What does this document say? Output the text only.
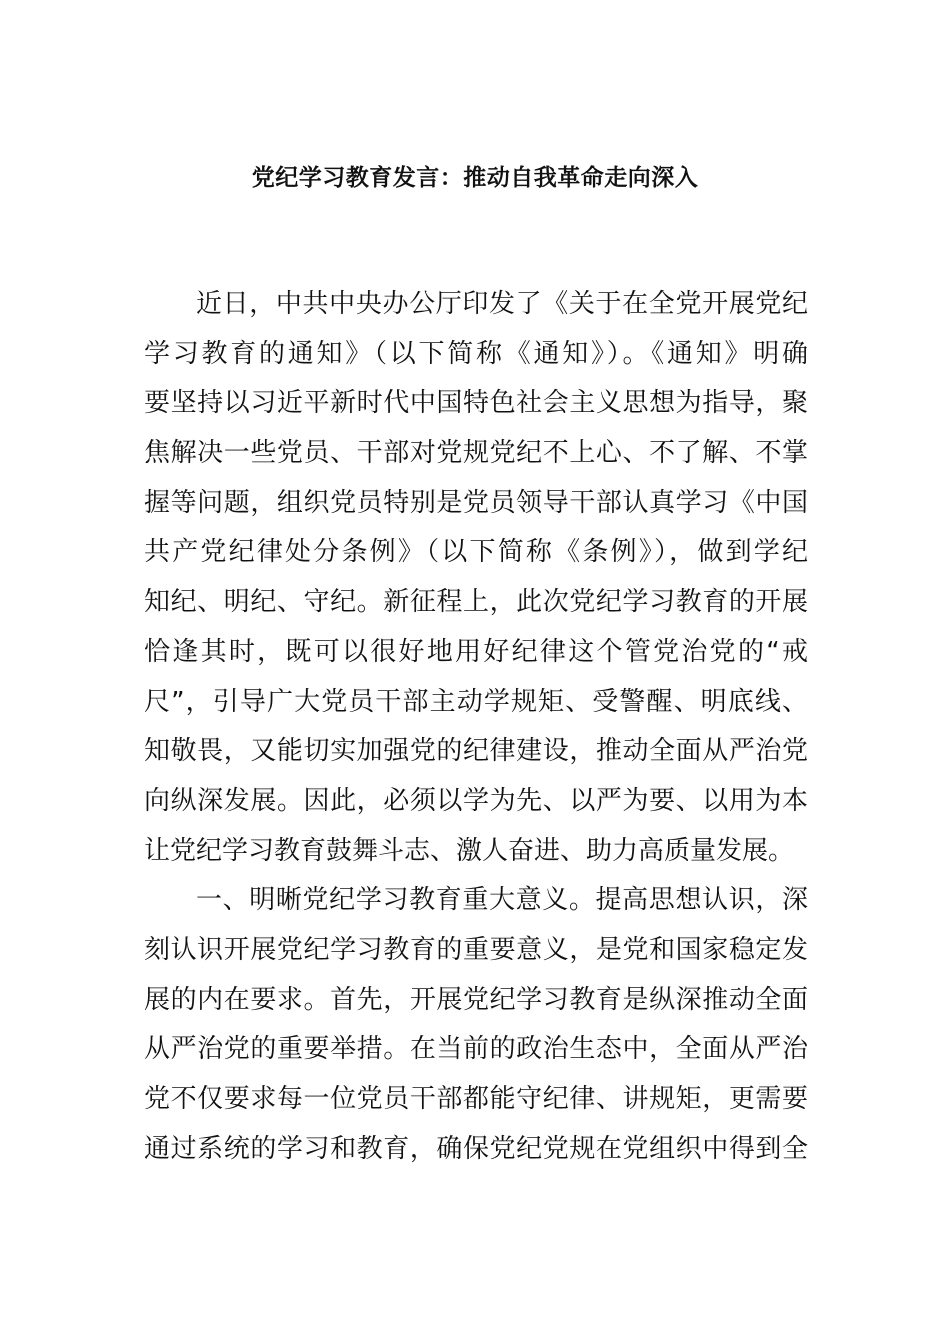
党纪学习教育发言：推动自我革命走向深入
近日，中共中央办公厅印发了《关于在全党开展党纪
学习教育的通知》（以下简称《通知》）。《通知》明确
要坚持以习近平新时代中国特色社会主义思想为指导，聚
焦解决一些党员、干部对党规党纪不上心、不了解、不掌
握等问题，组织党员特别是党员领导干部认真学习《中国
共产党纪律处分条例》（以下简称《条例》），做到学纪
知纪、明纪、守纪。新征程上，此次党纪学习教育的开展
恰逢其时，既可以很好地用好纪律这个管党治党的“戒
尺”，引导广大党员干部主动学规矩、受警醒、明底线、
知敬畏，又能切实加强党的纪律建设，推动全面从严治党
向纵深发展。因此，必须以学为先、以严为要、以用为本
让党纪学习教育鼓舞斗志、激人奋进、助力高质量发展。
一、明晰党纪学习教育重大意义。提高思想认识，深
刻认识开展党纪学习教育的重要意义，是党和国家稳定发
展的内在要求。首先，开展党纪学习教育是纵深推动全面
从严治党的重要举措。在当前的政治生态中，全面从严治
党不仅要求每一位党员干部都能守纪律、讲规矩，更需要
通过系统的学习和教育，确保党纪党规在党组织中得到全
